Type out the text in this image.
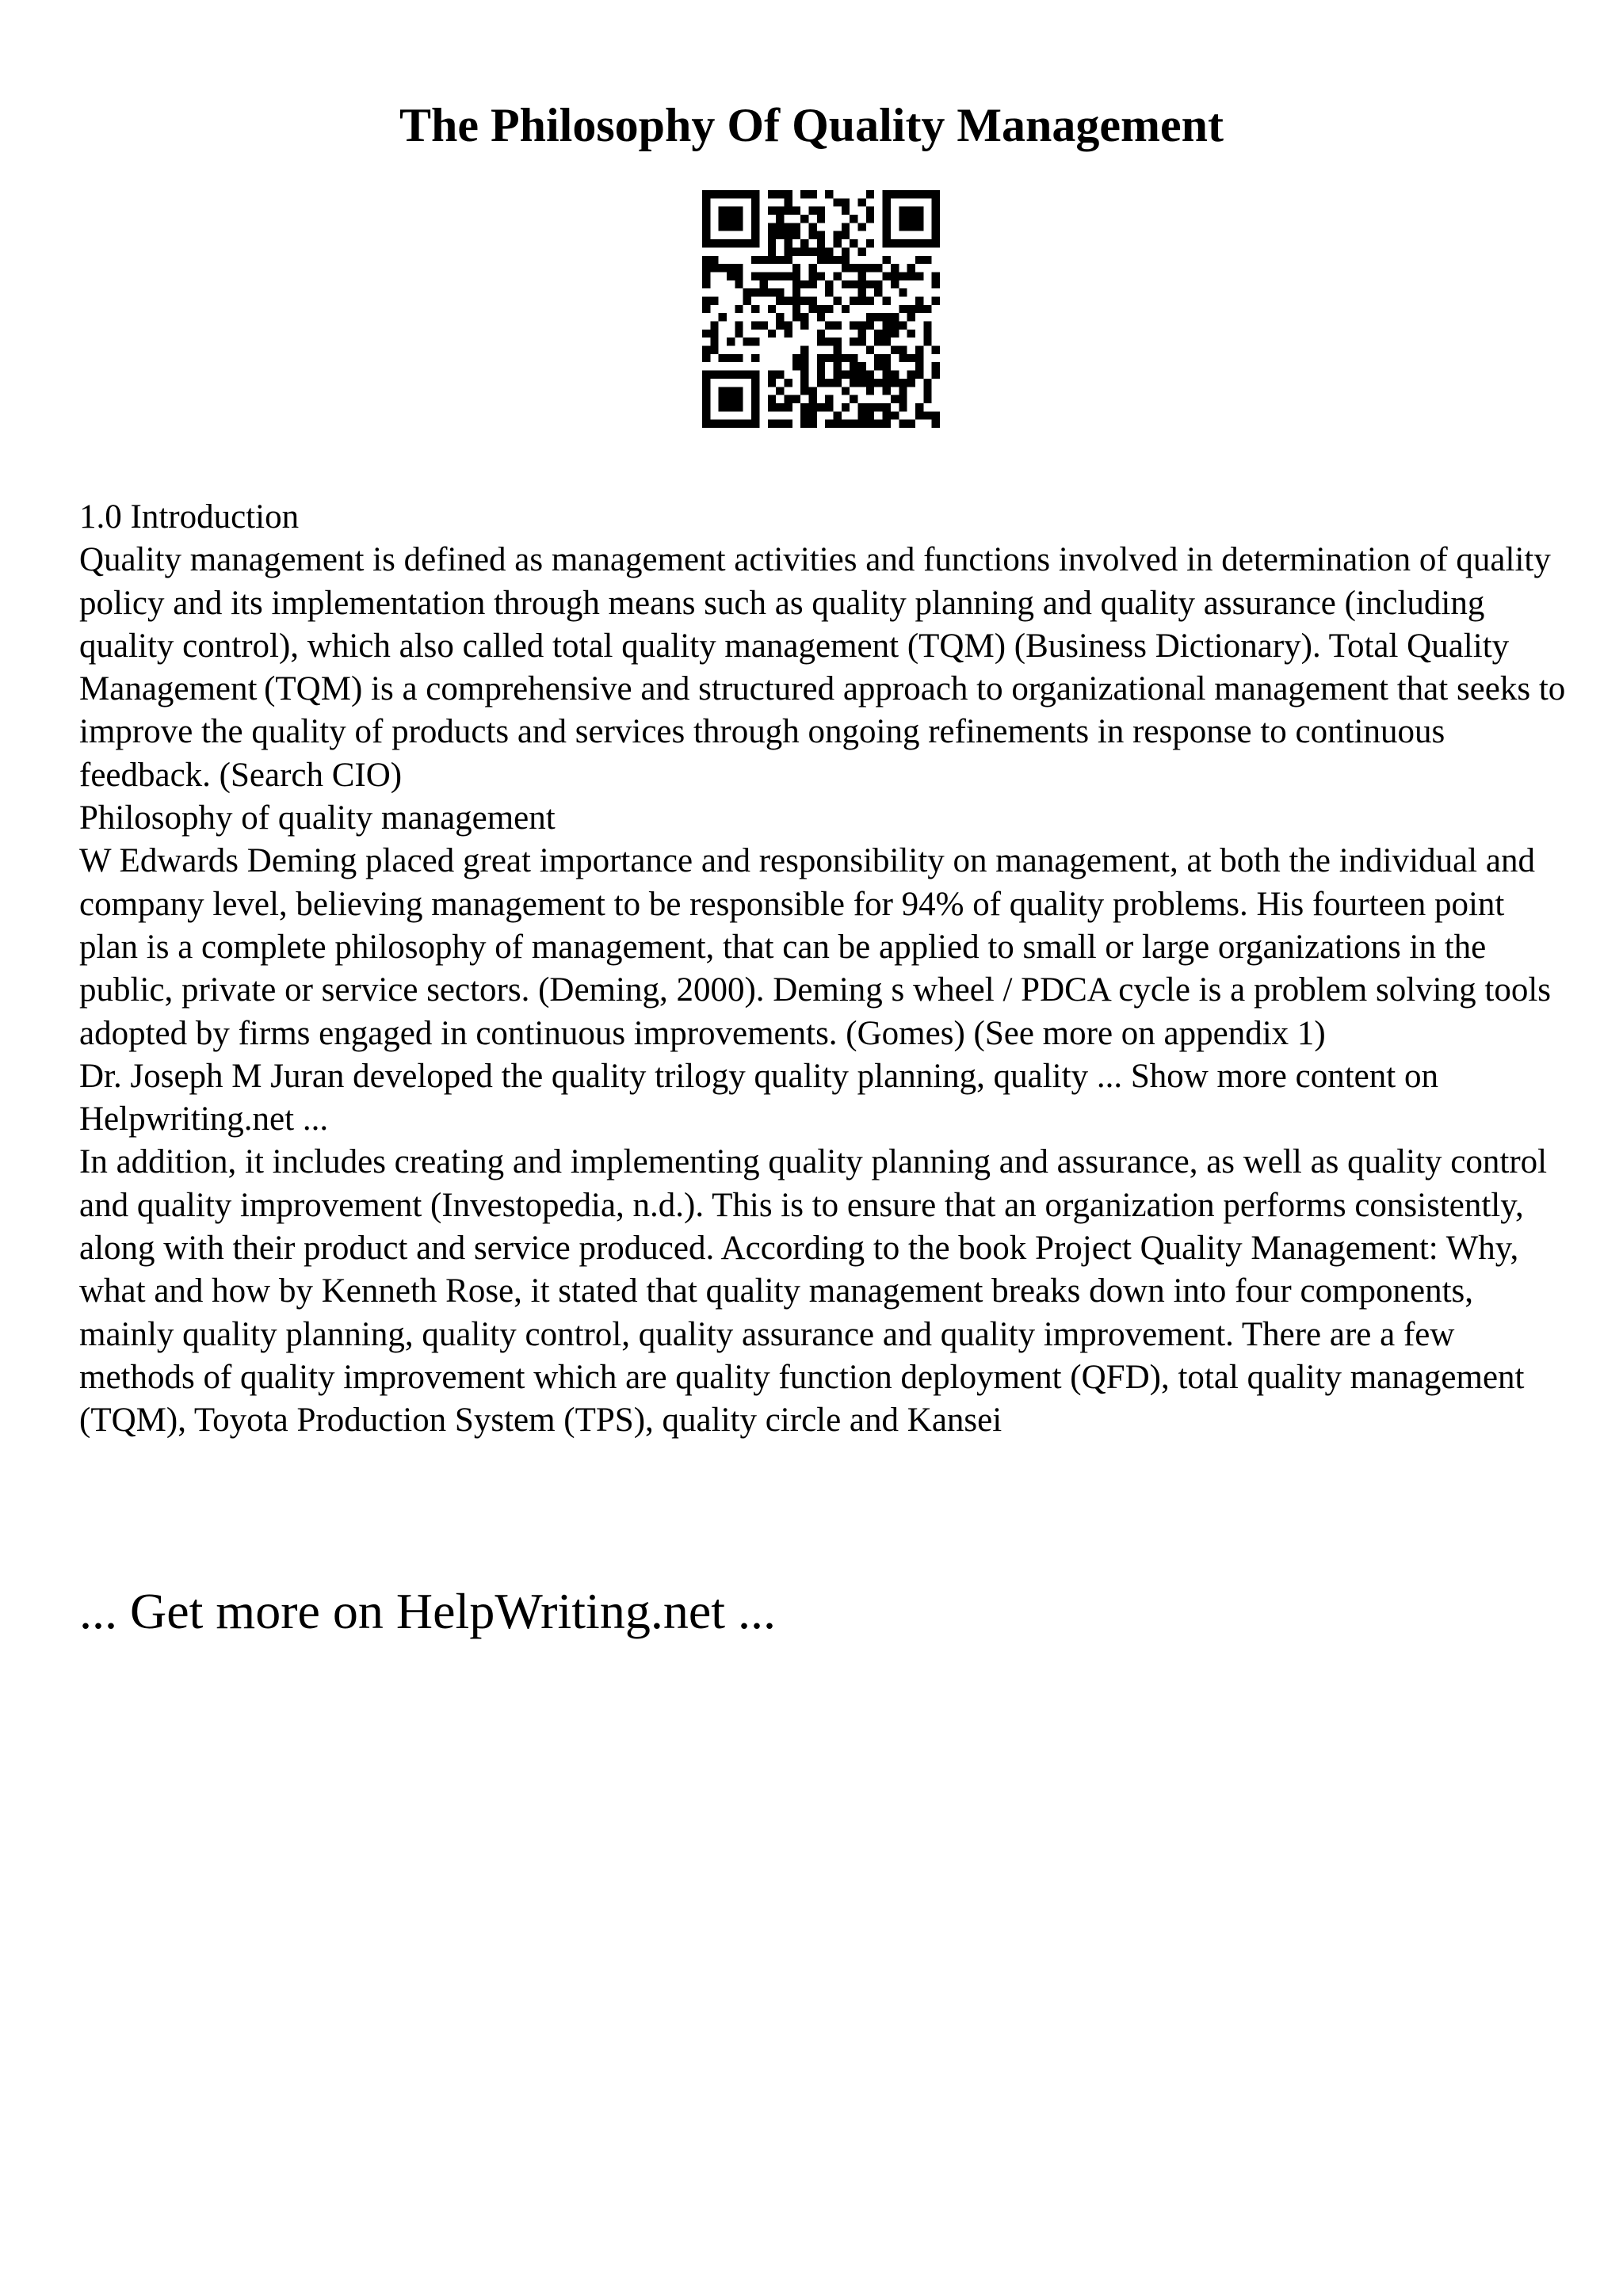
The Philosophy Of Quality Management

1.0 Introduction

Quality management is defined as management activities and functions involved in determination of quality policy and its implementation through means such as quality planning and quality assurance (including quality control), which also called total quality management (TQM) (Business Dictionary). Total Quality Management (TQM) is a comprehensive and structured approach to organizational management that seeks to improve the quality of products and services through ongoing refinements in response to continuous feedback. (Search CIO)

Philosophy of quality management

W Edwards Deming placed great importance and responsibility on management, at both the individual and company level, believing management to be responsible for 94% of quality problems. His fourteen point plan is a complete philosophy of management, that can be applied to small or large organizations in the public, private or service sectors. (Deming, 2000). Deming s wheel / PDCA cycle is a problem solving tools adopted by firms engaged in continuous improvements. (Gomes) (See more on appendix 1)

Dr. Joseph M Juran developed the quality trilogy quality planning, quality ... Show more content on Helpwriting.net ...

In addition, it includes creating and implementing quality planning and assurance, as well as quality control and quality improvement (Investopedia, n.d.). This is to ensure that an organization performs consistently, along with their product and service produced. According to the book Project Quality Management: Why, what and how by Kenneth Rose, it stated that quality management breaks down into four components, mainly quality planning, quality control, quality assurance and quality improvement. There are a few methods of quality improvement which are quality function deployment (QFD), total quality management (TQM), Toyota Production System (TPS), quality circle and Kansei

... Get more on HelpWriting.net ...
